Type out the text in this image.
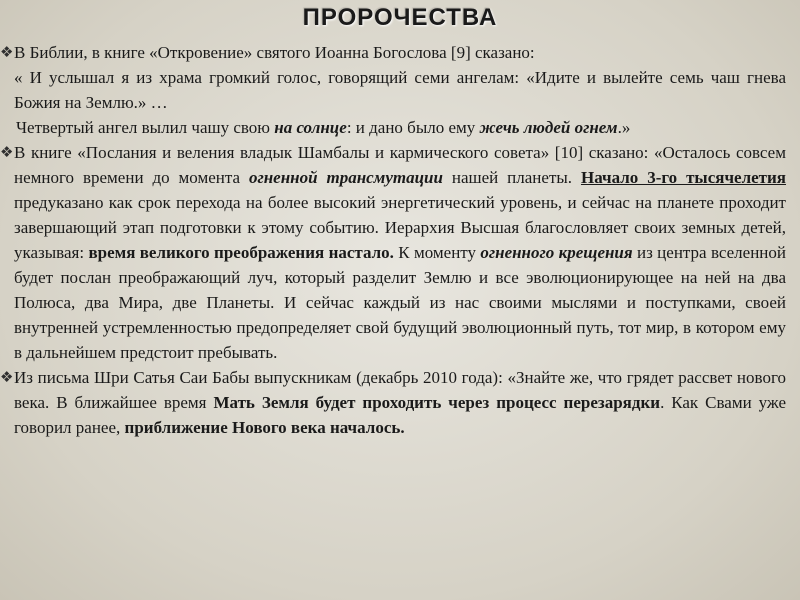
ПРОРОЧЕСТВА

❖ В Библии, в книге «Откровение» святого Иоанна Богослова [9] сказано:

« И услышал я из храма громкий голос, говорящий семи ангелам: «Идите и вылейте семь чаш гнева Божия на Землю.» …

Четвертый ангел вылил чашу свою на солнце: и дано было ему жечь людей огнем.»

❖ В книге «Послания и веления владык Шамбалы и кармического совета» [10] сказано: «Осталось совсем немного времени до момента огненной трансмутации нашей планеты. Начало 3-го тысячелетия предуказано как срок перехода на более высокий энергетический уровень, и сейчас на планете проходит завершающий этап подготовки к этому событию. Иерархия Высшая благословляет своих земных детей, указывая: время великого преображения настало. К моменту огненного крещения из центра вселенной будет послан преображающий луч, который разделит Землю и все эволюционирующее на ней на два Полюса, два Мира, две Планеты. И сейчас каждый из нас своими мыслями и поступками, своей внутренней устремленностью предопределяет свой будущий эволюционный путь, тот мир, в котором ему в дальнейшем предстоит пребывать.

❖ Из письма Шри Сатья Саи Бабы выпускникам (декабрь 2010 года): «Знайте же, что грядет рассвет нового века. В ближайшее время Мать Земля будет проходить через процесс перезарядки. Как Свами уже говорил ранее, приближение Нового века началось.
